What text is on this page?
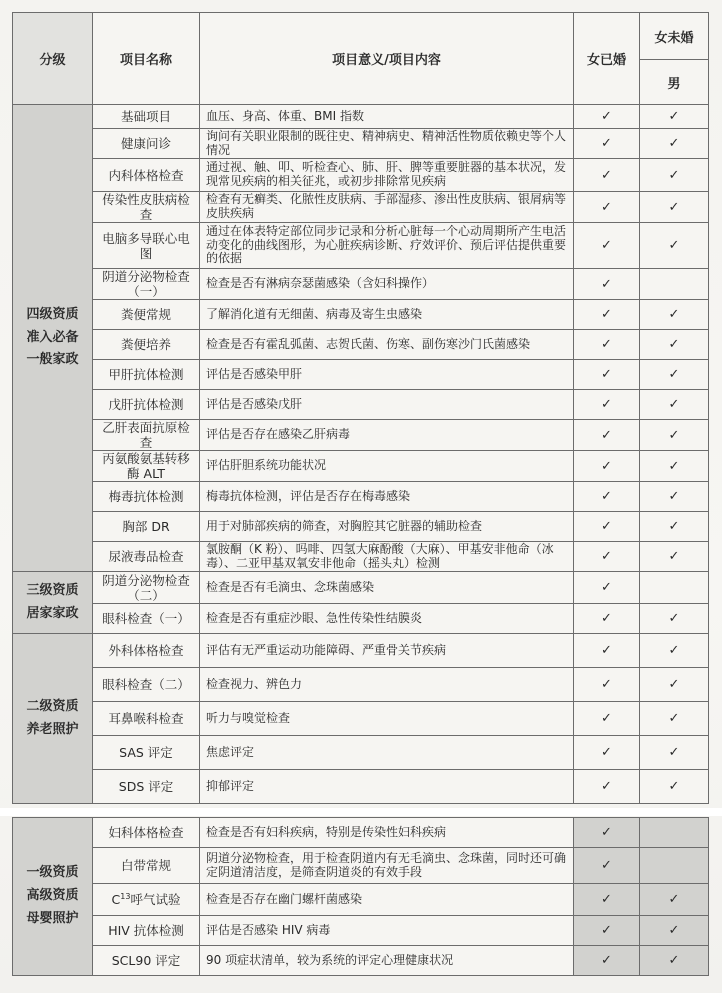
分级	项目名称	项目意义/项目内容	女已婚	女未婚
				男

四级资质
准入必备
一般家政	基础项目	血压、身高、体重、BMI 指数	✓	✓
	健康问诊	询问有关职业限制的既往史、精神病史、精神活性物质依赖史等个人情况	✓	✓
	内科体格检查	通过视、触、叩、听检查心、肺、肝、脾等重要脏器的基本状况，发现常见疾病的相关征兆，或初步排除常见疾病	✓	✓
	传染性皮肤病检查	检查有无癣类、化脓性皮肤病、手部湿疹、渗出性皮肤病、银屑病等皮肤疾病	✓	✓
	电脑多导联心电图	通过在体表特定部位同步记录和分析心脏每一个心动周期所产生电活动变化的曲线图形，为心脏疾病诊断、疗效评价、预后评估提供重要的依据	✓	✓
	阴道分泌物检查（一）	检查是否有淋病奈瑟菌感染（含妇科操作）	✓	
	粪便常规	了解消化道有无细菌、病毒及寄生虫感染	✓	✓
	粪便培养	检查是否有霍乱弧菌、志贺氏菌、伤寒、副伤寒沙门氏菌感染	✓	✓
	甲肝抗体检测	评估是否感染甲肝	✓	✓
	戊肝抗体检测	评估是否感染戊肝	✓	✓
	乙肝表面抗原检查	评估是否存在感染乙肝病毒	✓	✓
	丙氨酸氨基转移酶 ALT	评估肝胆系统功能状况	✓	✓
	梅毒抗体检测	梅毒抗体检测，评估是否存在梅毒感染	✓	✓
	胸部 DR	用于对肺部疾病的筛查，对胸腔其它脏器的辅助检查	✓	✓
	尿液毒品检查	氯胺酮（K 粉）、吗啡、四氢大麻酚酸（大麻）、甲基安非他命（冰毒）、二亚甲基双氧安非他命（摇头丸）检测	✓	✓

三级资质
居家家政	阴道分泌物检查（二）	检查是否有毛滴虫、念珠菌感染	✓	
	眼科检查（一）	检查是否有重症沙眼、急性传染性结膜炎	✓	✓

二级资质
养老照护	外科体格检查	评估有无严重运动功能障碍、严重骨关节疾病	✓	✓
	眼科检查（二）	检查视力、辨色力	✓	✓
	耳鼻喉科检查	听力与嗅觉检查	✓	✓
	SAS 评定	焦虑评定	✓	✓
	SDS 评定	抑郁评定	✓	✓
一级资质
高级资质
母婴照护	妇科体格检查	检查是否有妇科疾病，特别是传染性妇科疾病	✓	
	白带常规	阴道分泌物检查，用于检查阴道内有无毛滴虫、念珠菌，同时还可确定阴道清洁度，是筛查阴道炎的有效手段	✓	
	$C^{13}$呼气试验	检查是否存在幽门螺杆菌感染	✓	✓
	HIV 抗体检测	评估是否感染 HIV 病毒	✓	✓
	SCL90 评定	90 项症状清单，较为系统的评定心理健康状况	✓	✓
